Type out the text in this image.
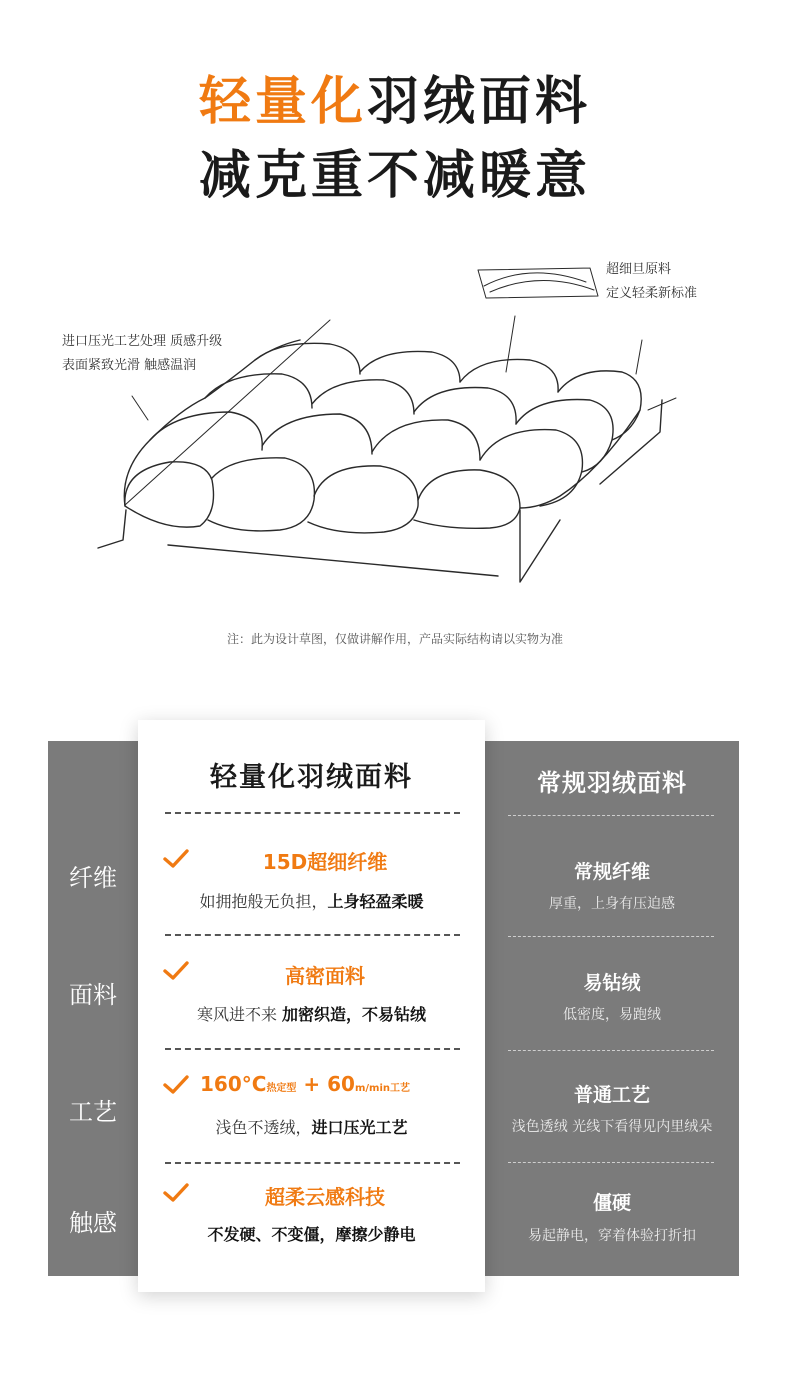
轻量化羽绒面料
减克重不减暖意
进口压光工艺处理 质感升级
表面紧致光滑 触感温润
超细旦原料
定义轻柔新标准
注：此为设计草图，仅做讲解作用，产品实际结构请以实物为准
轻量化羽绒面料	常规羽绒面料
纤维
15D超细纤维
如拥抱般无负担，上身轻盈柔暖
常规纤维
厚重，上身有压迫感
面料
高密面料
寒风进不来 加密织造，不易钻绒
易钻绒
低密度，易跑绒
工艺
160°C热定型 + 60m/min工艺
浅色不透绒，进口压光工艺
普通工艺
浅色透绒 光线下看得见内里绒朵
触感
超柔云感科技
不发硬、不变僵，摩擦少静电
僵硬
易起静电，穿着体验打折扣
